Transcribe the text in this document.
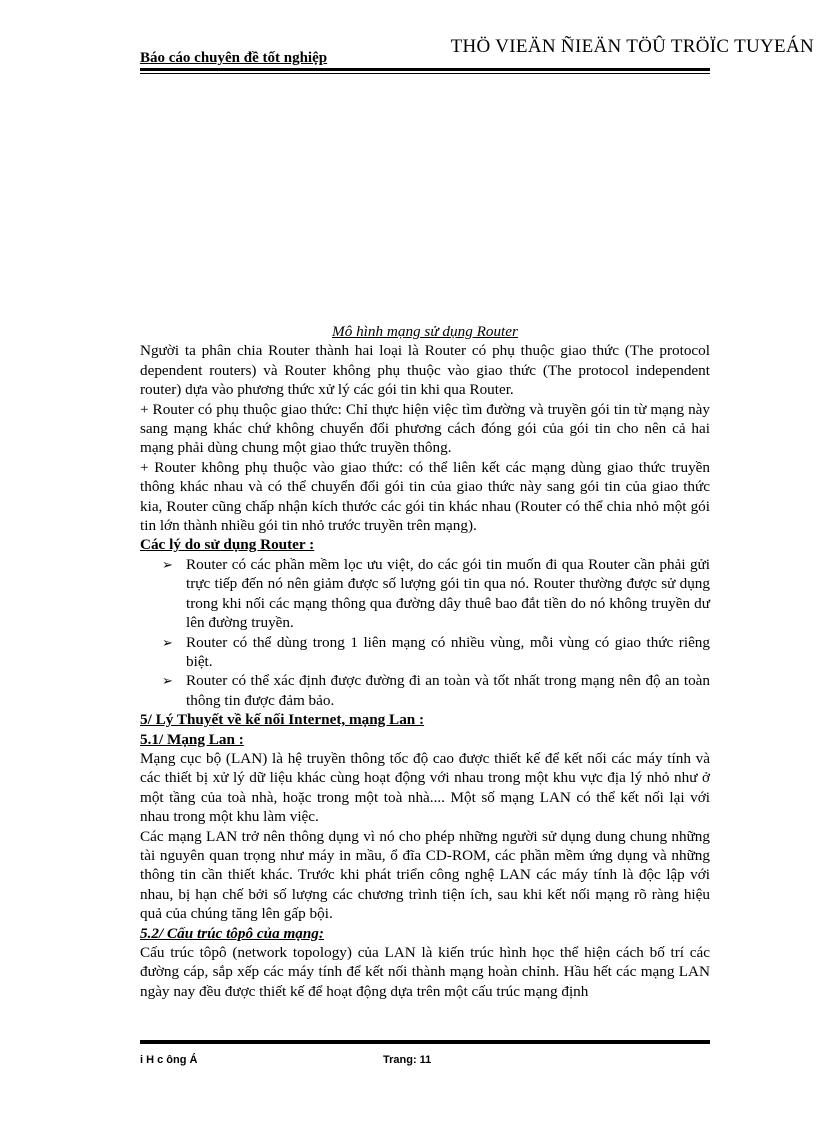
THÖ VIEÄN ÑIEÄN TÖÛ TRÖÏC TUYEÁN
Báo cáo chuyên đề tốt nghiệp

Mô hình mạng sử dụng Router

Người ta phân chia Router thành hai loại là Router có phụ thuộc giao thức (The protocol dependent routers) và Router không phụ thuộc vào giao thức (The protocol independent router) dựa vào phương thức xử lý các gói tin khi qua Router.

+ Router có phụ thuộc giao thức: Chỉ thực hiện việc tìm đường và truyền gói tin từ mạng này sang mạng khác chứ không chuyển đổi phương cách đóng gói của gói tin cho nên cả hai mạng phải dùng chung một giao thức truyền thông.

+ Router không phụ thuộc vào giao thức: có thể liên kết các mạng dùng giao thức truyền thông khác nhau và có thể chuyển đổi gói tin của giao thức này sang gói tin của giao thức kia, Router cũng chấp nhận kích thước các gói tin khác nhau (Router có thể chia nhỏ một gói tin lớn thành nhiều gói tin nhỏ trước truyền trên mạng).

Các lý do sử dụng Router :

➢ Router có các phần mềm lọc ưu việt, do các gói tin muốn đi qua Router cần phải gửi trực tiếp đến nó nên giảm được số lượng gói tin qua nó. Router thường được sử dụng trong khi nối các mạng thông qua đường dây thuê bao đắt tiền do nó không truyền dư lên đường truyền.
➢ Router có thể dùng trong 1 liên mạng có nhiều vùng, mỗi vùng có giao thức riêng biệt.
➢ Router có thể xác định được đường đi an toàn và tốt nhất trong mạng nên độ an toàn thông tin được đảm bảo.

5/ Lý Thuyết về kế nối Internet, mạng Lan :

5.1/ Mạng Lan :

Mạng cục bộ (LAN) là hệ truyền thông tốc độ cao được thiết kế để kết nối các máy tính và các thiết bị xử lý dữ liệu khác cùng hoạt động với nhau trong một khu vực địa lý nhỏ như ở một tầng của toà nhà, hoặc trong một toà nhà.... Một số mạng LAN có thể kết nối lại với nhau trong một khu làm việc.

Các mạng LAN trở nên thông dụng vì nó cho phép những người sử dụng dung chung những tài nguyên quan trọng như máy in mầu, ổ đĩa CD-ROM, các phần mềm ứng dụng và những thông tin cần thiết khác. Trước khi phát triển công nghệ LAN các máy tính là độc lập với nhau, bị hạn chế bởi số lượng các chương trình tiện ích, sau khi kết nối mạng rõ ràng hiệu quả của chúng tăng lên gấp bội.

5.2/ Cấu trúc tôpô của mạng:

Cấu trúc tôpô (network topology) của LAN là kiến trúc hình học thể hiện cách bố trí các đường cáp, sắp xếp các máy tính để kết nối thành mạng hoàn chỉnh. Hầu hết các mạng LAN ngày nay đều được thiết kế để hoạt động dựa trên một cấu trúc mạng định

i H c ông Á	Trang: 11
